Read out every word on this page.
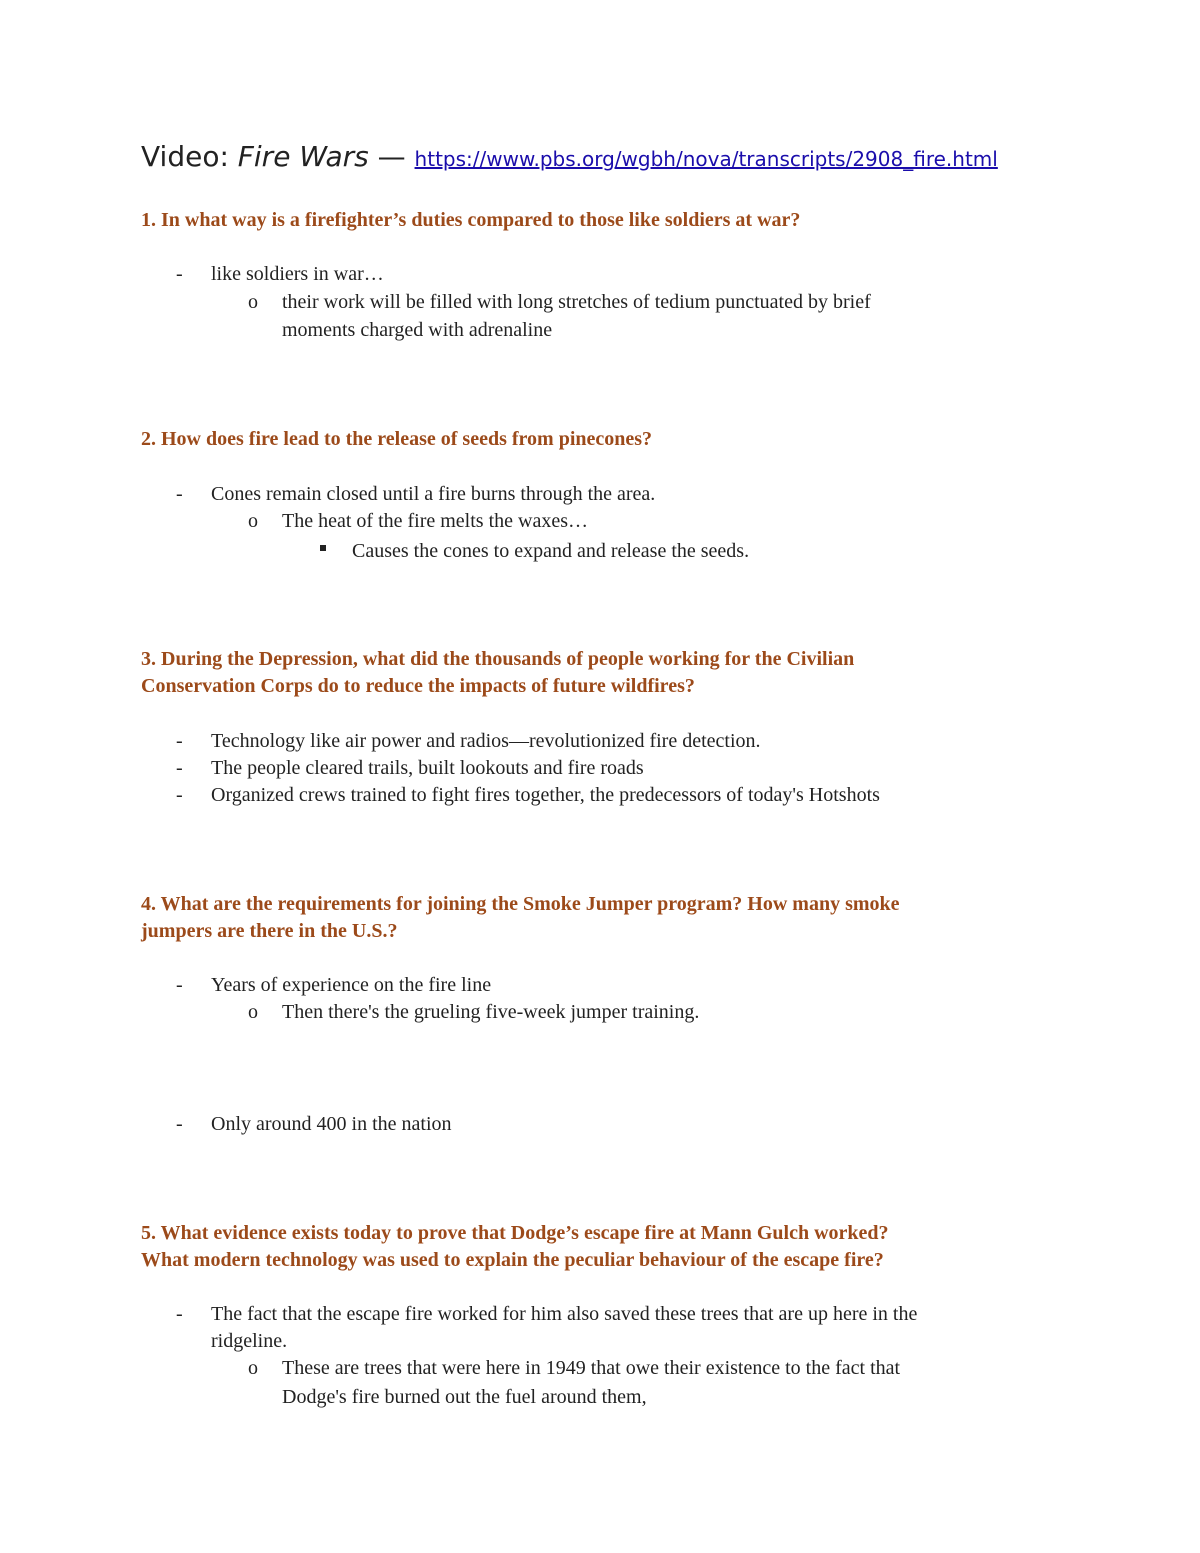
Video: Fire Wars — https://www.pbs.org/wgbh/nova/transcripts/2908_fire.html
1. In what way is a firefighter’s duties compared to those like soldiers at war?
- like soldiers in war…
o their work will be filled with long stretches of tedium punctuated by brief
moments charged with adrenaline
2. How does fire lead to the release of seeds from pinecones?
- Cones remain closed until a fire burns through the area.
o The heat of the fire melts the waxes…
Causes the cones to expand and release the seeds.
3. During the Depression, what did the thousands of people working for the Civilian
Conservation Corps do to reduce the impacts of future wildfires?
- Technology like air power and radios—revolutionized fire detection.
- The people cleared trails, built lookouts and fire roads
- Organized crews trained to fight fires together, the predecessors of today's Hotshots
4. What are the requirements for joining the Smoke Jumper program? How many smoke
jumpers are there in the U.S.?
- Years of experience on the fire line
o Then there's the grueling five-week jumper training.
- Only around 400 in the nation
5. What evidence exists today to prove that Dodge’s escape fire at Mann Gulch worked?
What modern technology was used to explain the peculiar behaviour of the escape fire?
- The fact that the escape fire worked for him also saved these trees that are up here in the
ridgeline.
o These are trees that were here in 1949 that owe their existence to the fact that
Dodge's fire burned out the fuel around them,
